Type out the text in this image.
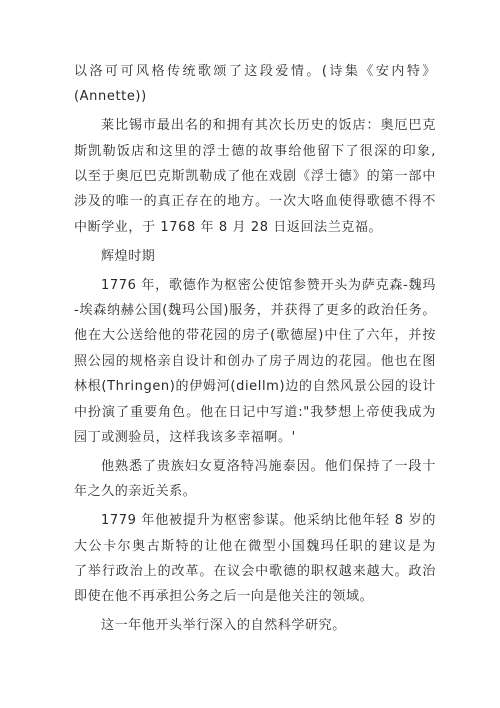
以洛可可风格传统歌颂了这段爱情。(诗集《安内特》
(Annette))
莱比锡市最出名的和拥有其次长历史的饭店：奥厄巴克
斯凯勒饭店和这里的浮士德的故事给他留下了很深的印象,
以至于奥厄巴克斯凯勒成了他在戏剧《浮士德》的第一部中
涉及的唯一的真正存在的地方。一次大咯血使得歌德不得不
中断学业，于 1768 年 8 月 28 日返回法兰克福。
辉煌时期
1776 年，歌德作为枢密公使馆参赞开头为萨克森-魏玛
-埃森纳赫公国(魏玛公国)服务，并获得了更多的政治任务。
他在大公送给他的带花园的房子(歌德屋)中住了六年，并按
照公园的规格亲自设计和创办了房子周边的花园。他也在图
林根(Thringen)的伊姆河(diellm)边的自然风景公园的设计
中扮演了重要角色。他在日记中写道:"我梦想上帝使我成为
园丁或测验员，这样我该多幸福啊。'
他熟悉了贵族妇女夏洛特冯施泰因。他们保持了一段十
年之久的亲近关系。
1779 年他被提升为枢密参谋。他采纳比他年轻 8 岁的
大公卡尔奥古斯特的让他在微型小国魏玛任职的建议是为
了举行政治上的改革。在议会中歌德的职权越来越大。政治
即使在他不再承担公务之后一向是他关注的领域。
这一年他开头举行深入的自然科学研究。
